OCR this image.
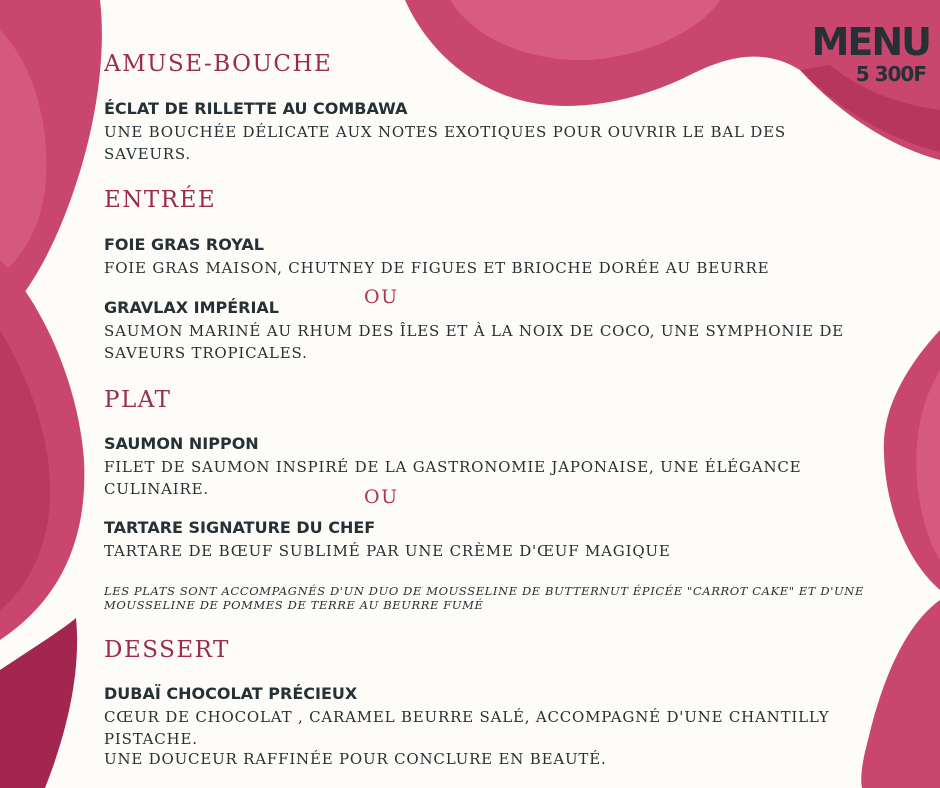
MENU
5 300F
AMUSE-BOUCHE
ÉCLAT DE RILLETTE AU COMBAWA
UNE BOUCHÉE DÉLICATE AUX NOTES EXOTIQUES POUR OUVRIR LE BAL DES SAVEURS.
ENTRÉE
FOIE GRAS ROYAL
FOIE GRAS MAISON, CHUTNEY DE FIGUES ET BRIOCHE DORÉE AU BEURRE
OU
GRAVLAX IMPÉRIAL
SAUMON MARINÉ AU RHUM DES ÎLES ET À LA NOIX DE COCO, UNE SYMPHONIE DE SAVEURS TROPICALES.
PLAT
SAUMON NIPPON
FILET DE SAUMON INSPIRÉ DE LA GASTRONOMIE JAPONAISE, UNE ÉLÉGANCE CULINAIRE.	OU
TARTARE SIGNATURE DU CHEF
TARTARE DE BŒUF SUBLIMÉ PAR UNE CRÈME D'ŒUF MAGIQUE
LES PLATS SONT ACCOMPAGNÉS D'UN DUO DE MOUSSELINE DE BUTTERNUT ÉPICÉE "CARROT CAKE" ET D'UNE MOUSSELINE DE POMMES DE TERRE AU BEURRE FUMÉ
DESSERT
DUBAÏ CHOCOLAT PRÉCIEUX
CŒUR DE CHOCOLAT , CARAMEL BEURRE SALÉ, ACCOMPAGNÉ D'UNE CHANTILLY PISTACHE.
UNE DOUCEUR RAFFINÉE POUR CONCLURE EN BEAUTÉ.
